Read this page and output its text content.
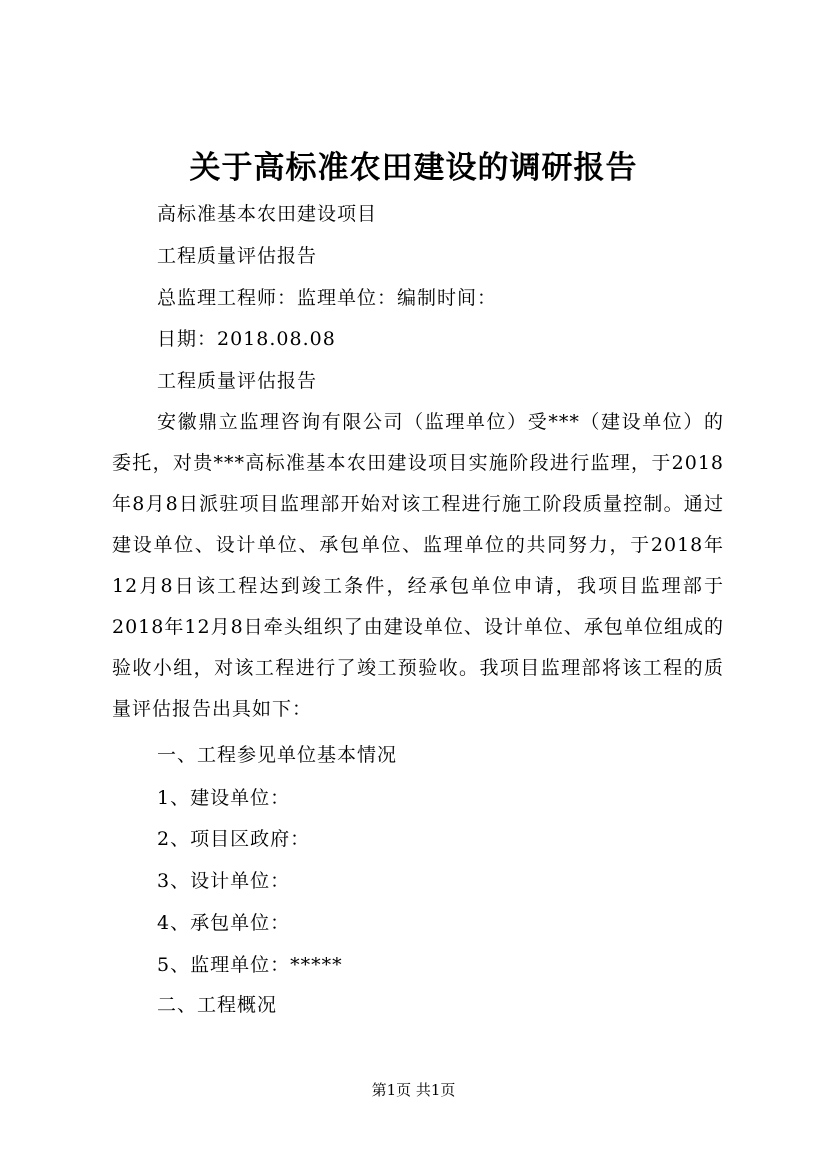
关于高标准农田建设的调研报告
高标准基本农田建设项目
工程质量评估报告
总监理工程师：监理单位：编制时间：
日期：2018.08.08
工程质量评估报告
安徽鼎立监理咨询有限公司（监理单位）受***（建设单位）的委托，对贵***高标准基本农田建设项目实施阶段进行监理，于2018年8月8日派驻项目监理部开始对该工程进行施工阶段质量控制。通过建设单位、设计单位、承包单位、监理单位的共同努力，于2018年12月8日该工程达到竣工条件，经承包单位申请，我项目监理部于2018年12月8日牵头组织了由建设单位、设计单位、承包单位组成的验收小组，对该工程进行了竣工预验收。我项目监理部将该工程的质量评估报告出具如下：
一、工程参见单位基本情况
1、建设单位：
2、项目区政府：
3、设计单位：
4、承包单位：
5、监理单位：*****
二、工程概况
第1页 共1页
